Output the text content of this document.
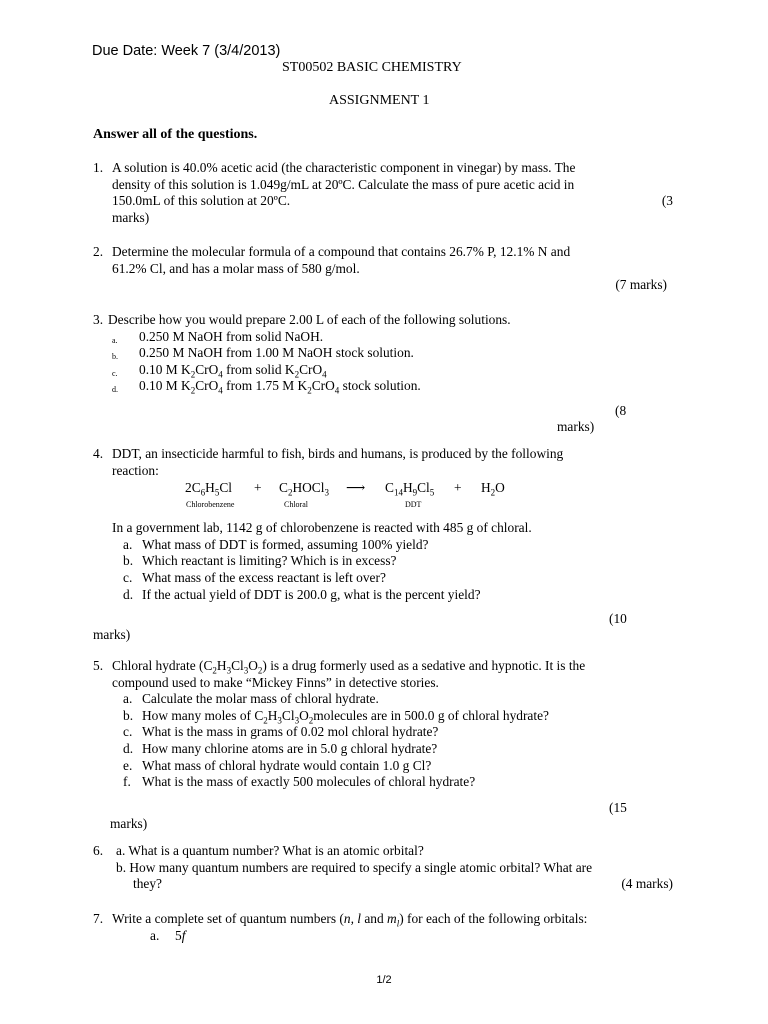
Due Date: Week 7 (3/4/2013)
ST00502 BASIC CHEMISTRY
ASSIGNMENT 1
Answer all of the questions.
1. A solution is 40.0% acetic acid (the characteristic component in vinegar) by mass. The
density of this solution is 1.049g/mL at 20ºC. Calculate the mass of pure acetic acid in
150.0mL of this solution at 20ºC.	(3
marks)
2. Determine the molecular formula of a compound that contains 26.7% P, 12.1% N and
61.2% Cl, and has a molar mass of 580 g/mol.
(7 marks)
3. Describe how you would prepare 2.00 L of each of the following solutions.
a. 0.250 M NaOH from solid NaOH.
b. 0.250 M NaOH from 1.00 M NaOH stock solution.
c. 0.10 M $K_2CrO_4$ from solid $K_2CrO_4$
d. 0.10 M $K_2CrO_4$ from 1.75 M $K_2CrO_4$ stock solution.
(8
marks)
4. DDT, an insecticide harmful to fish, birds and humans, is produced by the following
reaction:
$2C_6H_5Cl$ + $C_2HOCl_3$ ⟶ $C_{14}H_9Cl_5 + H_2O$
Chlorobenzene	Chloral	DDT
In a government lab, 1142 g of chlorobenzene is reacted with 485 g of chloral.
a. What mass of DDT is formed, assuming 100% yield?
b. Which reactant is limiting? Which is in excess?
c. What mass of the excess reactant is left over?
d. If the actual yield of DDT is 200.0 g, what is the percent yield?
(10
marks)
5. Chloral hydrate $(C_2H_3Cl_3O_2)$ is a drug formerly used as a sedative and hypnotic. It is the
compound used to make “Mickey Finns” in detective stories.
a. Calculate the molar mass of chloral hydrate.
b. How many moles of $C_2H_3Cl_3O_2molecules$ are in 500.0 g of chloral hydrate?
c. What is the mass in grams of 0.02 mol chloral hydrate?
d. How many chlorine atoms are in 5.0 g chloral hydrate?
e. What mass of chloral hydrate would contain 1.0 g Cl?
f. What is the mass of exactly 500 molecules of chloral hydrate?
(15
marks)
6. a. What is a quantum number? What is an atomic orbital?
b. How many quantum numbers are required to specify a single atomic orbital? What are
they?	(4 marks)
7. Write a complete set of quantum numbers (n, l and $m_l$) for each of the following orbitals:
a. 5f
1/2
